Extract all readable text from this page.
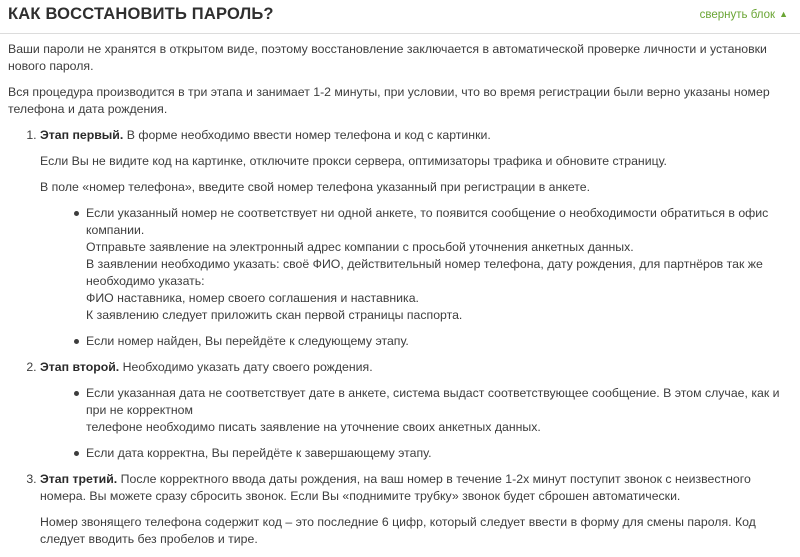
КАК ВОССТАНОВИТЬ ПАРОЛЬ?	свернуть блок ▲

Ваши пароли не хранятся в открытом виде, поэтому восстановление заключается в автоматической проверке личности и установки нового пароля.

Вся процедура производится в три этапа и занимает 1-2 минуты, при условии, что во время регистрации были верно указаны номер телефона и дата рождения.

1. Этап первый. В форме необходимо ввести номер телефона и код с картинки.

Если Вы не видите код на картинке, отключите прокси сервера, оптимизаторы трафика и обновите страницу.

В поле «номер телефона», введите свой номер телефона указанный при регистрации в анкете.

Если указанный номер не соответствует ни одной анкете, то появится сообщение о необходимости обратиться в офис компании.
Отправьте заявление на электронный адрес компании с просьбой уточнения анкетных данных.
В заявлении необходимо указать: своё ФИО, действительный номер телефона, дату рождения, для партнёров так же необходимо указать:
ФИО наставника, номер своего соглашения и наставника.
К заявлению следует приложить скан первой страницы паспорта.
Если номер найден, Вы перейдёте к следующему этапу.

2. Этап второй. Необходимо указать дату своего рождения.

Если указанная дата не соответствует дате в анкете, система выдаст соответствующее сообщение. В этом случае, как и при не корректном
телефоне необходимо писать заявление на уточнение своих анкетных данных.
Если дата корректна, Вы перейдёте к завершающему этапу.

3. Этап третий. После корректного ввода даты рождения, на ваш номер в течение 1-2х минут поступит звонок с неизвестного номера. Вы можете сразу сбросить звонок. Если Вы «поднимите трубку» звонок будет сброшен автоматически.

Номер звонящего телефона содержит код – это последние 6 цифр, который следует ввести в форму для смены пароля. Код следует вводить без пробелов и тире.
